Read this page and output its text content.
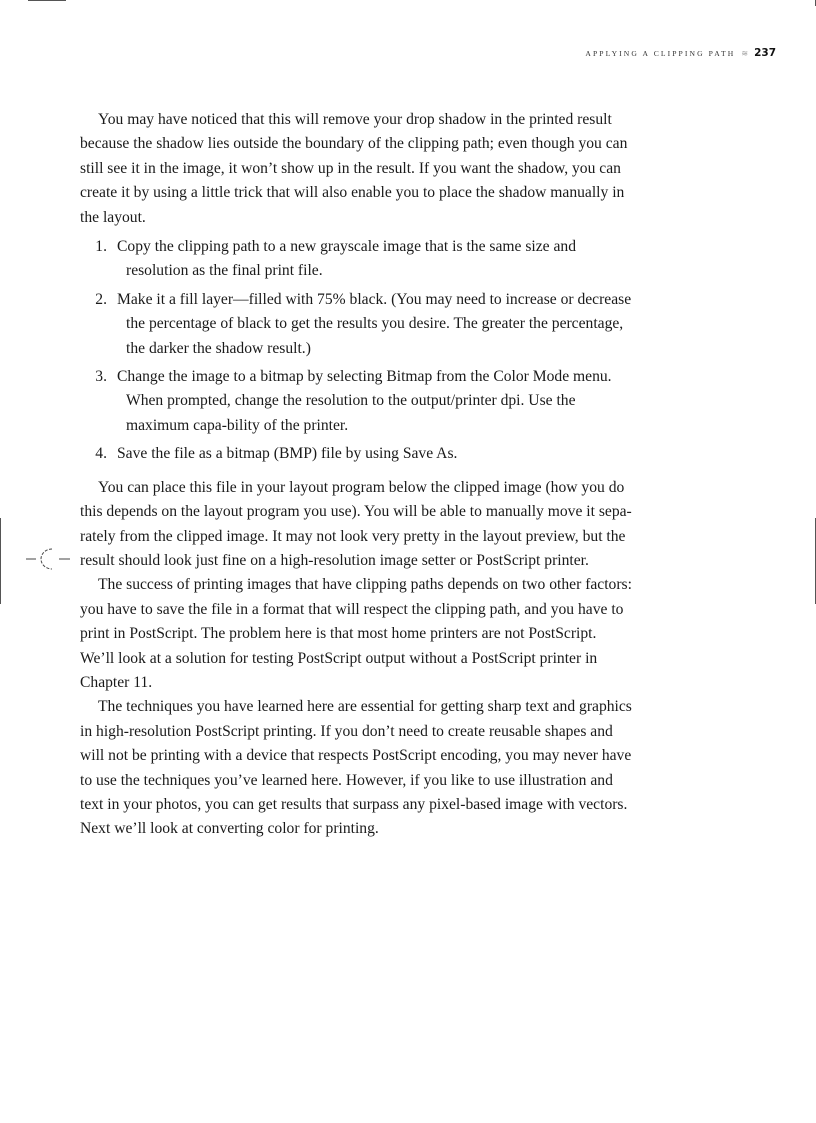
APPLYING A CLIPPING PATH ≋ 237

You may have noticed that this will remove your drop shadow in the printed result because the shadow lies outside the boundary of the clipping path; even though you can still see it in the image, it won’t show up in the result. If you want the shadow, you can create it by using a little trick that will also enable you to place the shadow manually in the layout.

1. Copy the clipping path to a new grayscale image that is the same size and resolution as the final print file.
2. Make it a fill layer—filled with 75% black. (You may need to increase or decrease the percentage of black to get the results you desire. The greater the percentage, the darker the shadow result.)
3. Change the image to a bitmap by selecting Bitmap from the Color Mode menu. When prompted, change the resolution to the output/printer dpi. Use the maximum capa-bility of the printer.
4. Save the file as a bitmap (BMP) file by using Save As.

You can place this file in your layout program below the clipped image (how you do this depends on the layout program you use). You will be able to manually move it sepa-rately from the clipped image. It may not look very pretty in the layout preview, but the result should look just fine on a high-resolution image setter or PostScript printer.

The success of printing images that have clipping paths depends on two other factors: you have to save the file in a format that will respect the clipping path, and you have to print in PostScript. The problem here is that most home printers are not PostScript. We’ll look at a solution for testing PostScript output without a PostScript printer in Chapter 11.

The techniques you have learned here are essential for getting sharp text and graphics in high-resolution PostScript printing. If you don’t need to create reusable shapes and will not be printing with a device that respects PostScript encoding, you may never have to use the techniques you’ve learned here. However, if you like to use illustration and text in your photos, you can get results that surpass any pixel-based image with vectors. Next we’ll look at converting color for printing.
